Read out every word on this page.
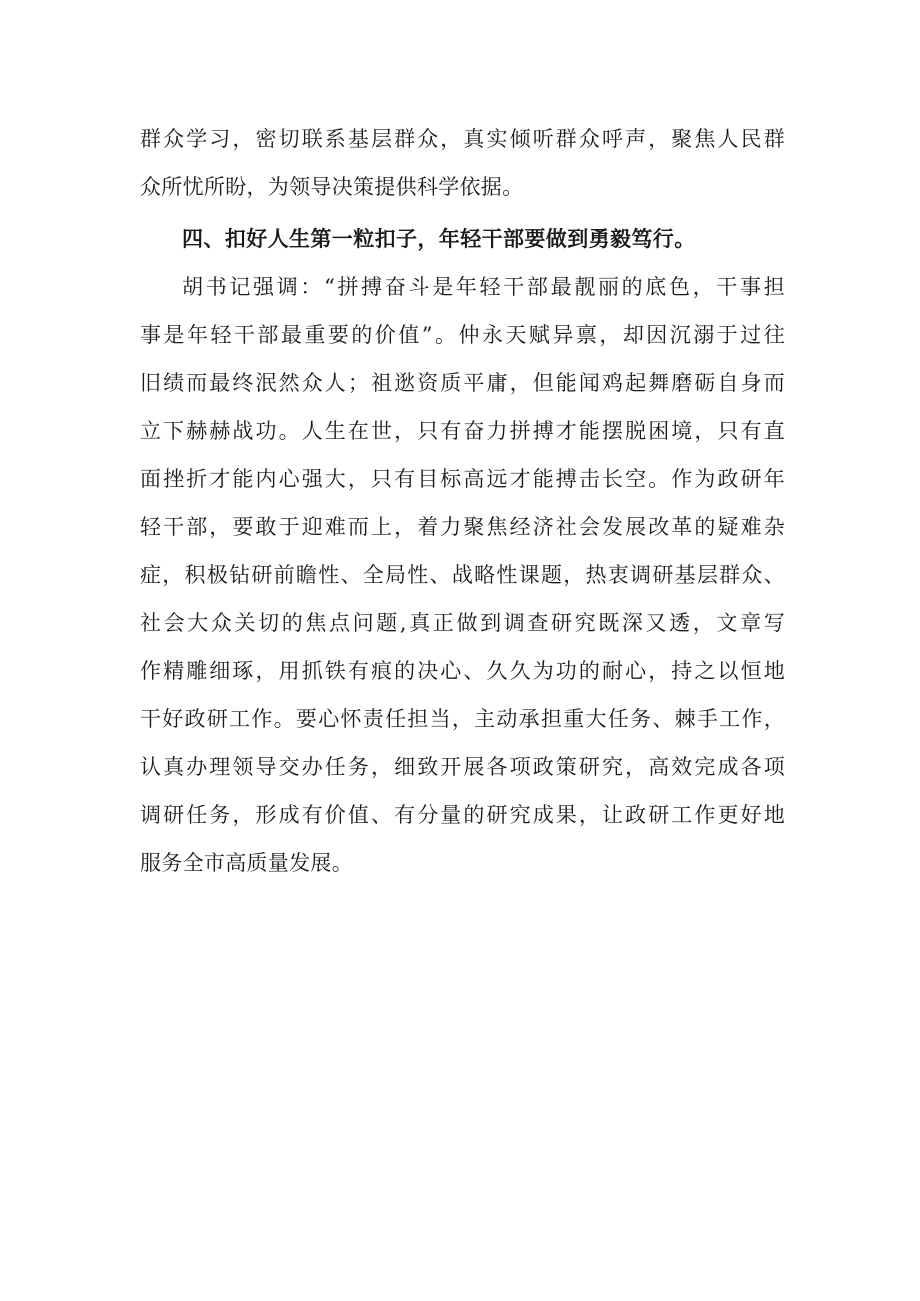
群众学习，密切联系基层群众，真实倾听群众呼声，聚焦人民群
众所忧所盼，为领导决策提供科学依据。
四、扣好人生第一粒扣子，年轻干部要做到勇毅笃行。
胡书记强调：“拼搏奋斗是年轻干部最靓丽的底色，干事担
事是年轻干部最重要的价值”。仲永天赋异禀，却因沉溺于过往
旧绩而最终泯然众人；祖逖资质平庸，但能闻鸡起舞磨砺自身而
立下赫赫战功。人生在世，只有奋力拼搏才能摆脱困境，只有直
面挫折才能内心强大，只有目标高远才能搏击长空。作为政研年
轻干部，要敢于迎难而上，着力聚焦经济社会发展改革的疑难杂
症，积极钻研前瞻性、全局性、战略性课题，热衷调研基层群众、
社会大众关切的焦点问题,真正做到调查研究既深又透，文章写
作精雕细琢，用抓铁有痕的决心、久久为功的耐心，持之以恒地
干好政研工作。要心怀责任担当，主动承担重大任务、棘手工作，
认真办理领导交办任务，细致开展各项政策研究，高效完成各项
调研任务，形成有价值、有分量的研究成果，让政研工作更好地
服务全市高质量发展。
